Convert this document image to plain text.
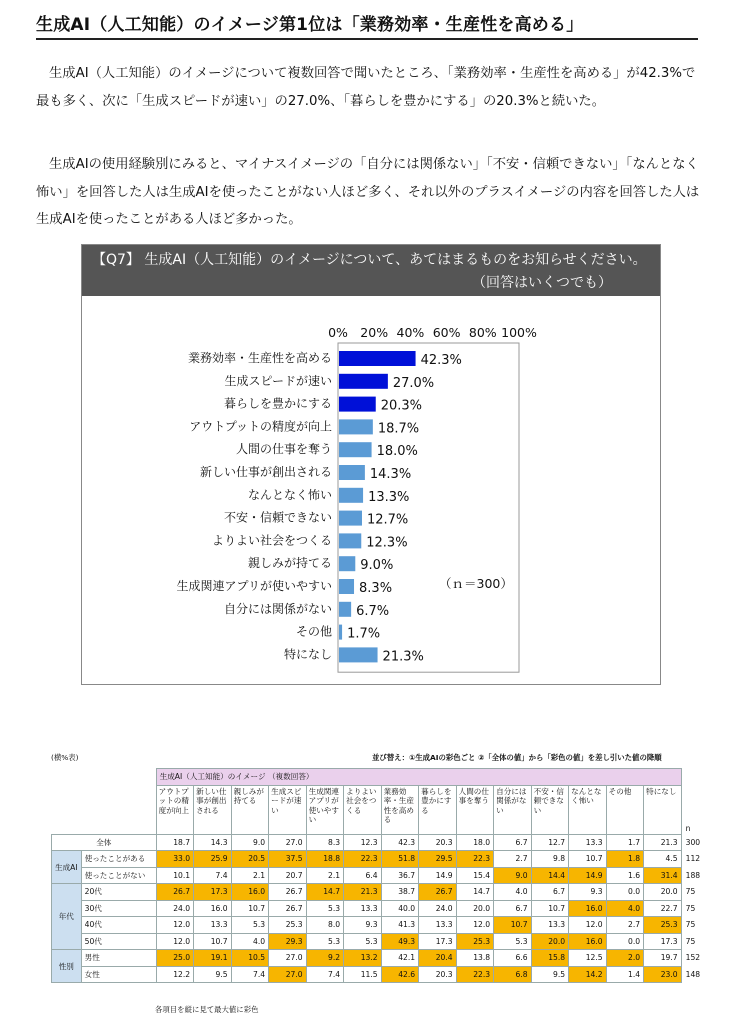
生成AI（人工知能）のイメージ第1位は「業務効率・生産性を高める」
生成AI（人工知能）のイメージについて複数回答で聞いたところ、「業務効率・生産性を高める」が42.3%で最も多く、次に「生成スピードが速い」の27.0%、「暮らしを豊かにする」の20.3%と続いた。
生成AIの使用経験別にみると、マイナスイメージの「自分には関係ない」「不安・信頼できない」「なんとなく怖い」を回答した人は生成AIを使ったことがない人ほど多く、それ以外のプラスイメージの内容を回答した人は生成AIを使ったことがある人ほど多かった。
【Q7】 生成AI（人工知能）のイメージについて、あてはまるものをお知らせください。
（回答はいくつでも）
0% 20% 40% 60% 80% 100%
業務効率・生産性を高める	42.3%
生成スピードが速い	27.0%
暮らしを豊かにする	20.3%
アウトプットの精度が向上	18.7%
人間の仕事を奪う	18.0%
新しい仕事が創出される	14.3%
なんとなく怖い	13.3%
不安・信頼できない	12.7%
よりよい社会をつくる	12.3%
親しみが持てる 9.0%
生成関連アプリが使いやすい 8.3%
自分には関係がない 6.7%
その他 1.7%
特になし	21.3%
（ｎ＝300）
(横%表)	並び替え：①生成AIの彩色ごと ②「全体の値」から「彩色の値」を差し引いた値の降順
		生成AI（人工知能）のイメージ （複数回答）														
		アウトプットの精度が向上	新しい仕事が創出される	親しみが持てる	生成スピードが速い	生成関連アプリが使いやすい	よりよい社会をつくる	業務効率・生産性を高める	暮らしを豊かにする	人間の仕事を奪う	自分には関係がない	不安・信頼できない	なんとなく怖い	その他	特になし	n
全体		18.7	14.3	9.0	27.0	8.3	12.3	42.3	20.3	18.0	6.7	12.7	13.3	1.7	21.3	300
生成AI	使ったことがある	33.0	25.9	20.5	37.5	18.8	22.3	51.8	29.5	22.3	2.7	9.8	10.7	1.8	4.5	112
	使ったことがない	10.1	7.4	2.1	20.7	2.1	6.4	36.7	14.9	15.4	9.0	14.4	14.9	1.6	31.4	188
年代	20代	26.7	17.3	16.0	26.7	14.7	21.3	38.7	26.7	14.7	4.0	6.7	9.3	0.0	20.0	75
	30代	24.0	16.0	10.7	26.7	5.3	13.3	40.0	24.0	20.0	6.7	10.7	16.0	4.0	22.7	75
	40代	12.0	13.3	5.3	25.3	8.0	9.3	41.3	13.3	12.0	10.7	13.3	12.0	2.7	25.3	75
	50代	12.0	10.7	4.0	29.3	5.3	5.3	49.3	17.3	25.3	5.3	20.0	16.0	0.0	17.3	75
性別	男性	25.0	19.1	10.5	27.0	9.2	13.2	42.1	20.4	13.8	6.6	15.8	12.5	2.0	19.7	152
	女性	12.2	9.5	7.4	27.0	7.4	11.5	42.6	20.3	22.3	6.8	9.5	14.2	1.4	23.0	148
各項目を縦に見て最大値に彩色
